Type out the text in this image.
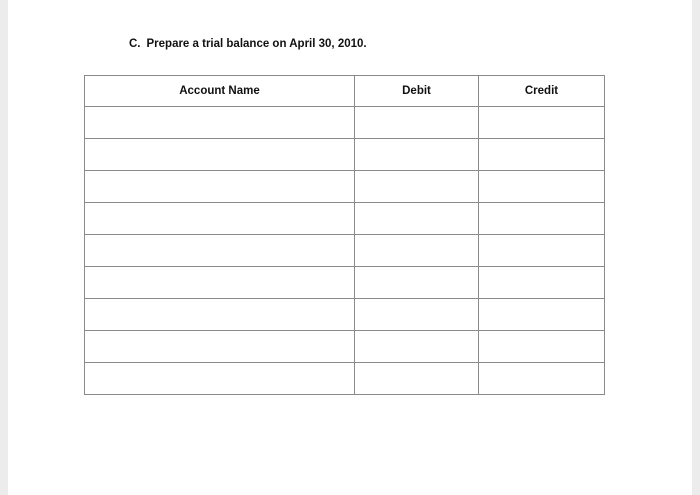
C. Prepare a trial balance on April 30, 2010.
Account Name	Debit	Credit
